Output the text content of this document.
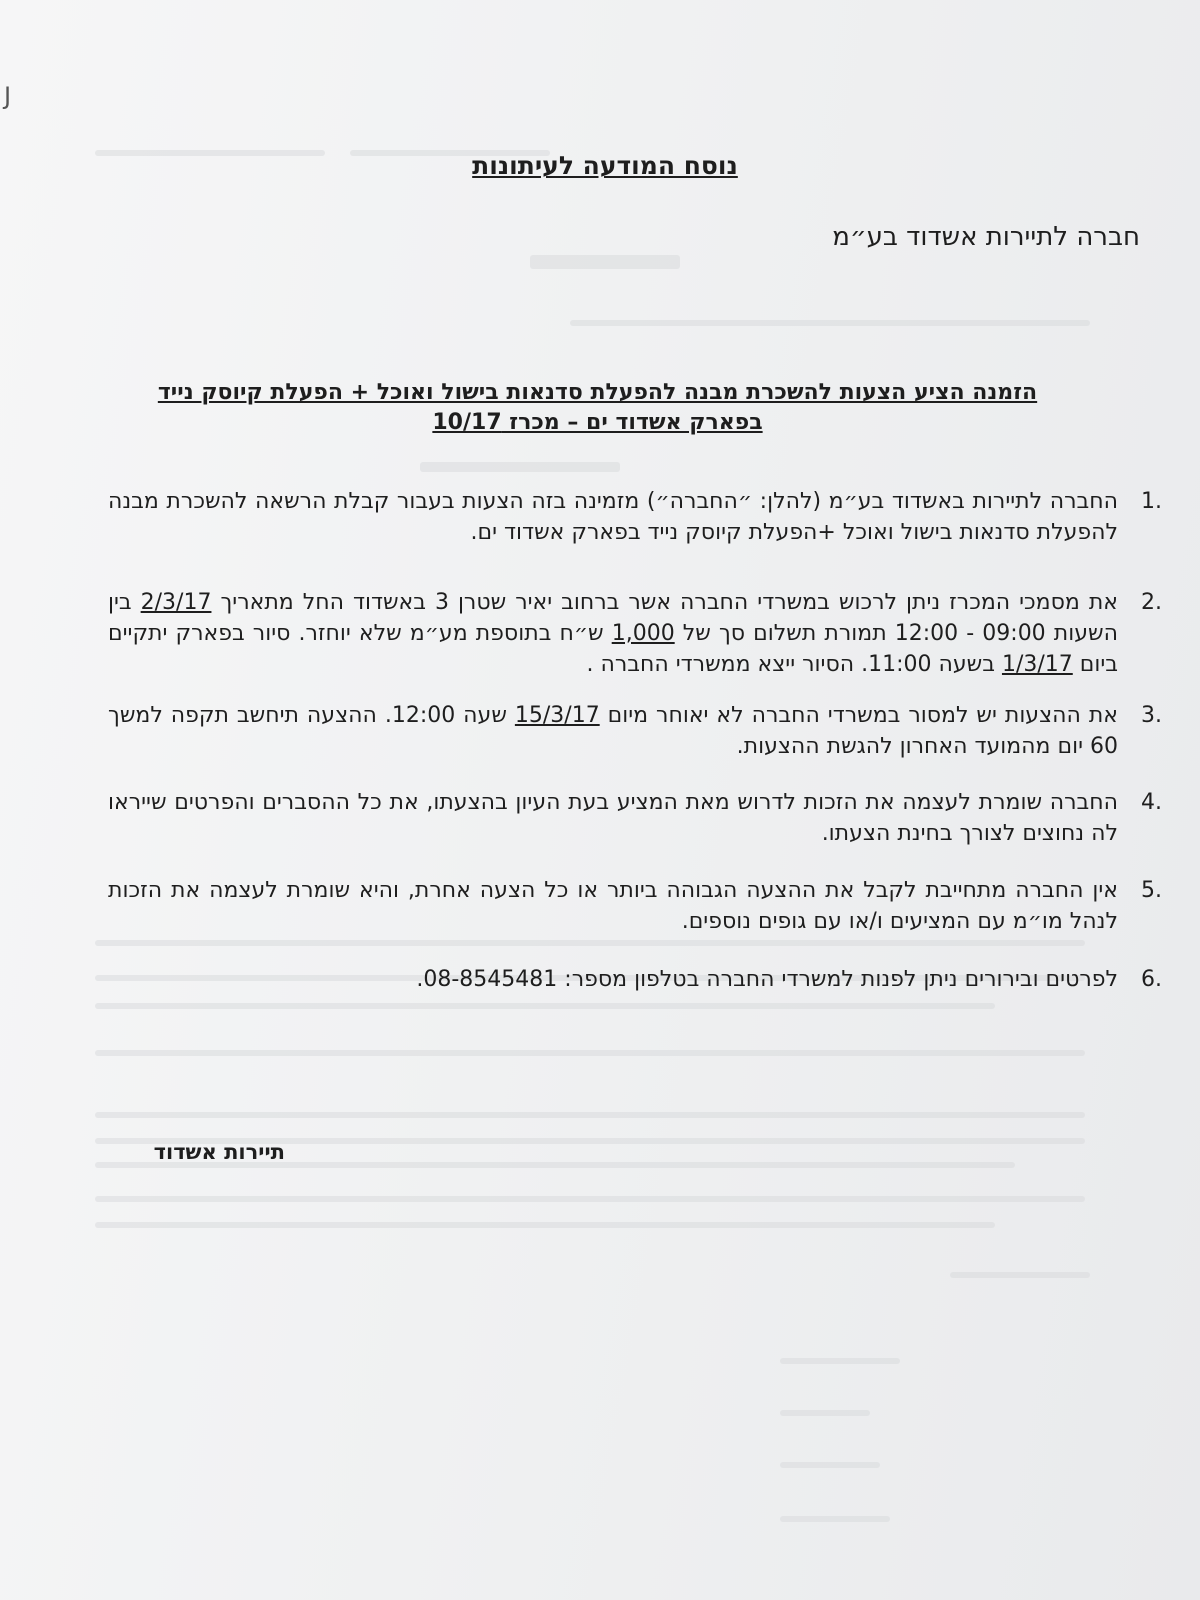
J
נוסח המודעה לעיתונות
חברה לתיירות אשדוד בע״מ
הזמנה הציע הצעות להשכרת מבנה להפעלת סדנאות בישול ואוכל + הפעלת קיוסק נייד
בפארק אשדוד ים – מכרז 10/17
.1
החברה לתיירות באשדוד בע״מ (להלן: ״החברה״) מזמינה בזה הצעות בעבור קבלת הרשאה להשכרת מבנה להפעלת סדנאות בישול ואוכל +הפעלת קיוסק נייד בפארק אשדוד ים.
.2
את מסמכי המכרז ניתן לרכוש במשרדי החברה אשר ברחוב יאיר שטרן 3 באשדוד החל מתאריך 2/3/17 בין השעות 09:00 - 12:00 תמורת תשלום סך של 1,000 ש״ח בתוספת מע״מ שלא יוחזר. סיור בפארק יתקיים ביום 1/3/17 בשעה 11:00. הסיור ייצא ממשרדי החברה .
.3
את ההצעות יש למסור במשרדי החברה לא יאוחר מיום 15/3/17 שעה 12:00. ההצעה תיחשב תקפה למשך 60 יום מהמועד האחרון להגשת ההצעות.
.4
החברה שומרת לעצמה את הזכות לדרוש מאת המציע בעת העיון בהצעתו, את כל ההסברים והפרטים שייראו לה נחוצים לצורך בחינת הצעתו.
.5
אין החברה מתחייבת לקבל את ההצעה הגבוהה ביותר או כל הצעה אחרת, והיא שומרת לעצמה את הזכות לנהל מו״מ עם המציעים ו/או עם גופים נוספים.
.6
לפרטים ובירורים ניתן לפנות למשרדי החברה בטלפון מספר: 08-8545481.
תיירות אשדוד
